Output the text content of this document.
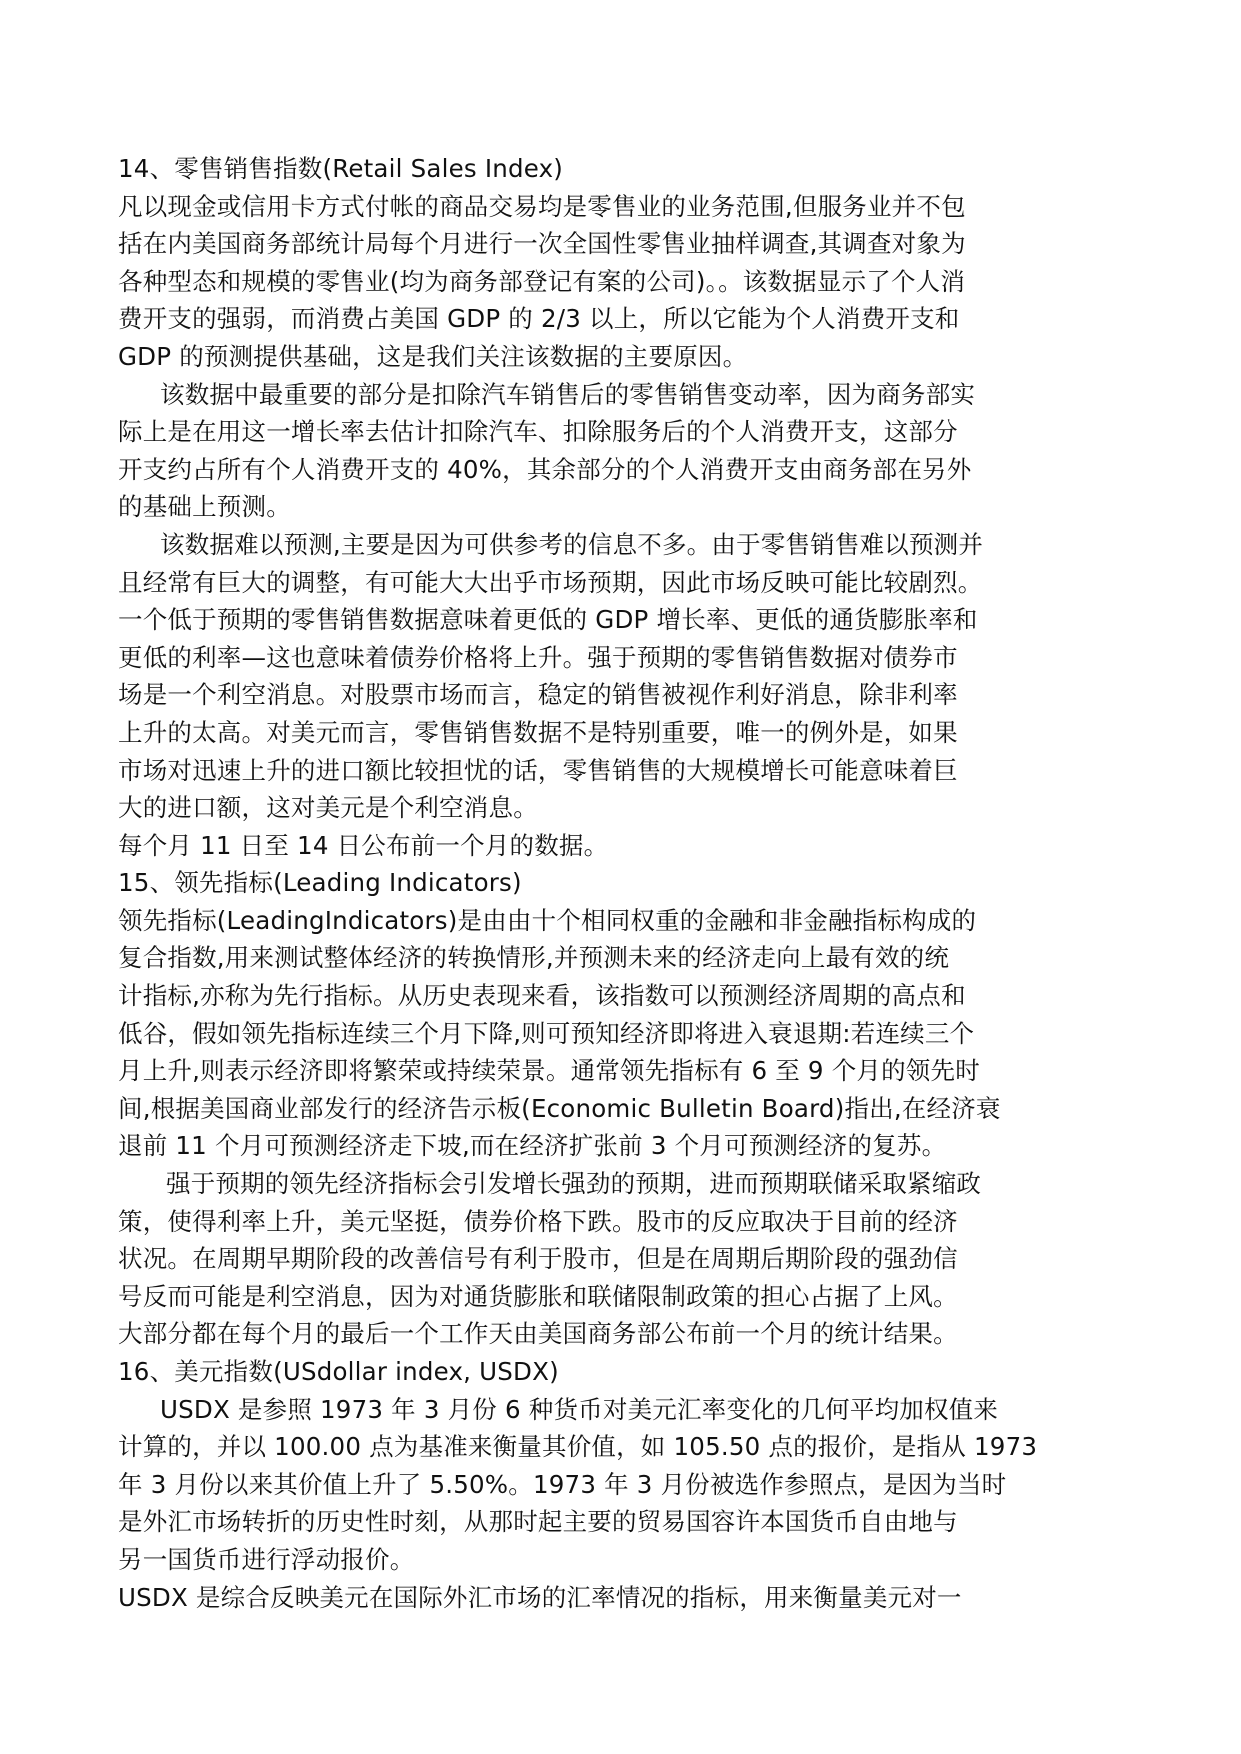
14、零售销售指数(Retail Sales Index)
凡以现金或信用卡方式付帐的商品交易均是零售业的业务范围,但服务业并不包
括在内美国商务部统计局每个月进行一次全国性零售业抽样调查,其调查对象为
各种型态和规模的零售业(均为商务部登记有案的公司)。。该数据显示了个人消
费开支的强弱，而消费占美国 GDP 的 2/3 以上，所以它能为个人消费开支和
GDP 的预测提供基础，这是我们关注该数据的主要原因。
该数据中最重要的部分是扣除汽车销售后的零售销售变动率，因为商务部实
际上是在用这一增长率去估计扣除汽车、扣除服务后的个人消费开支，这部分
开支约占所有个人消费开支的 40%，其余部分的个人消费开支由商务部在另外
的基础上预测。
该数据难以预测,主要是因为可供参考的信息不多。由于零售销售难以预测并
且经常有巨大的调整，有可能大大出乎市场预期，因此市场反映可能比较剧烈。
一个低于预期的零售销售数据意味着更低的 GDP 增长率、更低的通货膨胀率和
更低的利率—这也意味着债券价格将上升。强于预期的零售销售数据对债券市
场是一个利空消息。对股票市场而言，稳定的销售被视作利好消息，除非利率
上升的太高。对美元而言，零售销售数据不是特别重要，唯一的例外是，如果
市场对迅速上升的进口额比较担忧的话，零售销售的大规模增长可能意味着巨
大的进口额，这对美元是个利空消息。
每个月 11 日至 14 日公布前一个月的数据。
15、领先指标(Leading Indicators)
领先指标(LeadingIndicators)是由由十个相同权重的金融和非金融指标构成的
复合指数,用来测试整体经济的转换情形,并预测未来的经济走向上最有效的统
计指标,亦称为先行指标。从历史表现来看，该指数可以预测经济周期的高点和
低谷，假如领先指标连续三个月下降,则可预知经济即将进入衰退期:若连续三个
月上升,则表示经济即将繁荣或持续荣景。通常领先指标有 6 至 9 个月的领先时
间,根据美国商业部发行的经济告示板(Economic Bulletin Board)指出,在经济衰
退前 11 个月可预测经济走下坡,而在经济扩张前 3 个月可预测经济的复苏。
强于预期的领先经济指标会引发增长强劲的预期，进而预期联储采取紧缩政
策，使得利率上升，美元坚挺，债券价格下跌。股市的反应取决于目前的经济
状况。在周期早期阶段的改善信号有利于股市，但是在周期后期阶段的强劲信
号反而可能是利空消息，因为对通货膨胀和联储限制政策的担心占据了上风。
大部分都在每个月的最后一个工作天由美国商务部公布前一个月的统计结果。
16、美元指数(USdollar index, USDX)
USDX 是参照 1973 年 3 月份 6 种货币对美元汇率变化的几何平均加权值来
计算的，并以 100.00 点为基准来衡量其价值，如 105.50 点的报价，是指从 1973
年 3 月份以来其价值上升了 5.50%。1973 年 3 月份被选作参照点，是因为当时
是外汇市场转折的历史性时刻，从那时起主要的贸易国容许本国货币自由地与
另一国货币进行浮动报价。
USDX 是综合反映美元在国际外汇市场的汇率情况的指标，用来衡量美元对一
